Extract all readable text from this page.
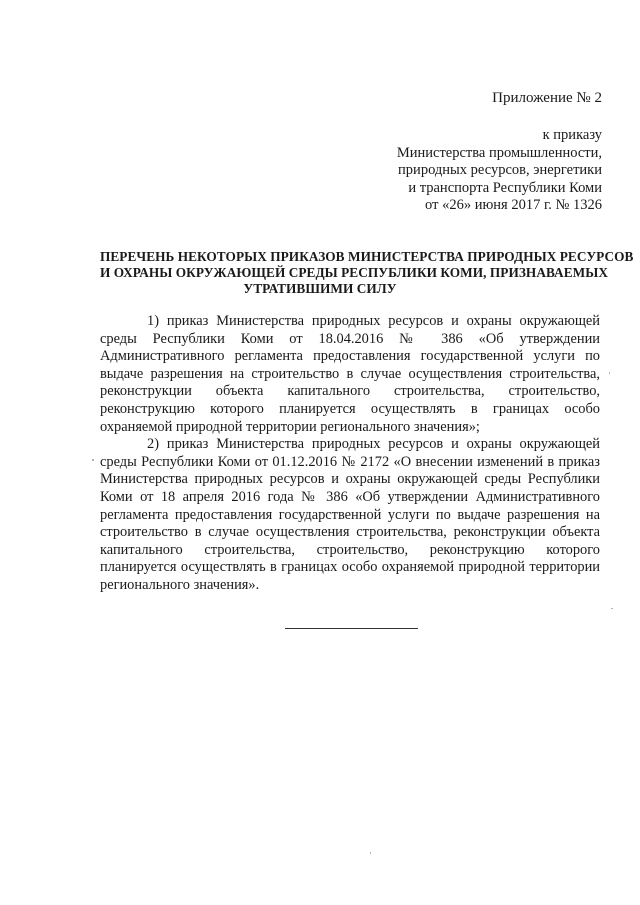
Приложение № 2
к приказу
Министерства промышленности,
природных ресурсов, энергетики
и транспорта Республики Коми
от «26» июня 2017 г. № 1326
ПЕРЕЧЕНЬ НЕКОТОРЫХ ПРИКАЗОВ МИНИСТЕРСТВА ПРИРОДНЫХ РЕСУРСОВ
И ОХРАНЫ ОКРУЖАЮЩЕЙ СРЕДЫ РЕСПУБЛИКИ КОМИ, ПРИЗНАВАЕМЫХ
УТРАТИВШИМИ СИЛУ

1) приказ Министерства природных ресурсов и охраны окружающей среды Республики Коми от 18.04.2016 № 386 «Об утверждении Административного регламента предоставления государственной услуги по выдаче разрешения на строительство в случае осуществления строительства, реконструкции объекта капитального строительства, строительство, реконструкцию которого планируется осуществлять в границах особо охраняемой природной территории регионального значения»;

2) приказ Министерства природных ресурсов и охраны окружающей среды Республики Коми от 01.12.2016 № 2172 «О внесении изменений в приказ Министерства природных ресурсов и охраны окружающей среды Республики Коми от 18 апреля 2016 года № 386 «Об утверждении Административного регламента предоставления государственной услуги по выдаче разрешения на строительство в случае осуществления строительства, реконструкции объекта капитального строительства, строительство, реконструкцию которого планируется осуществлять в границах особо охраняемой природной территории регионального значения».
